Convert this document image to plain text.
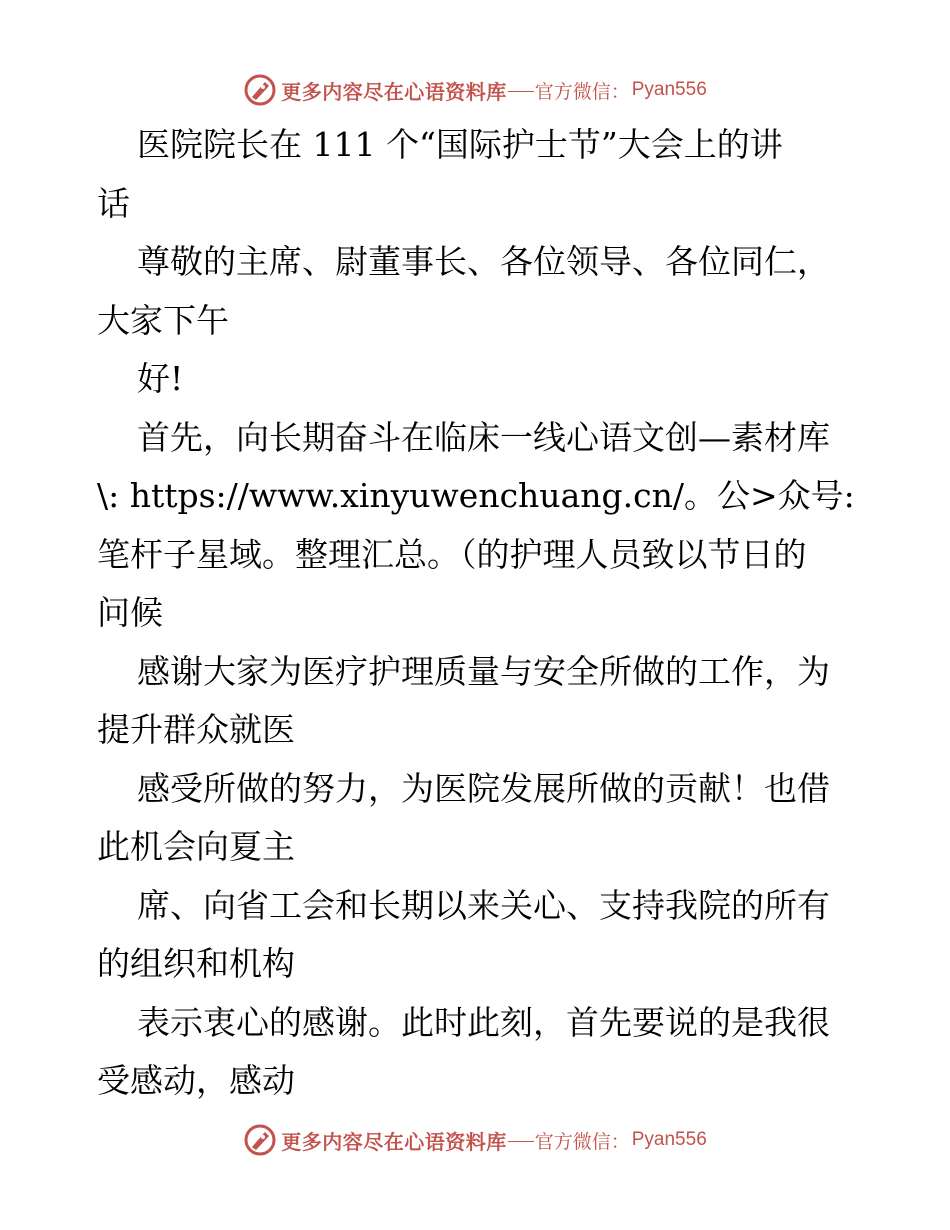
更多内容尽在心语资料库 官方微信： Pyan556
医院院长在 111 个“国际护士节”大会上的讲
话
尊敬的主席、尉董事长、各位领导、各位同仁，
大家下午
好!
首先，向长期奋斗在临床一线心语文创—素材库
\: https://www.xinyuwenchuang.cn/。公>众号:
笔杆子星域。整理汇总。（的护理人员致以节日的
问候
感谢大家为医疗护理质量与安全所做的工作，为
提升群众就医
感受所做的努力，为医院发展所做的贡献！也借
此机会向夏主
席、向省工会和长期以来关心、支持我院的所有
的组织和机构
表示衷心的感谢。此时此刻，首先要说的是我很
受感动，感动
更多内容尽在心语资料库 官方微信： Pyan556
